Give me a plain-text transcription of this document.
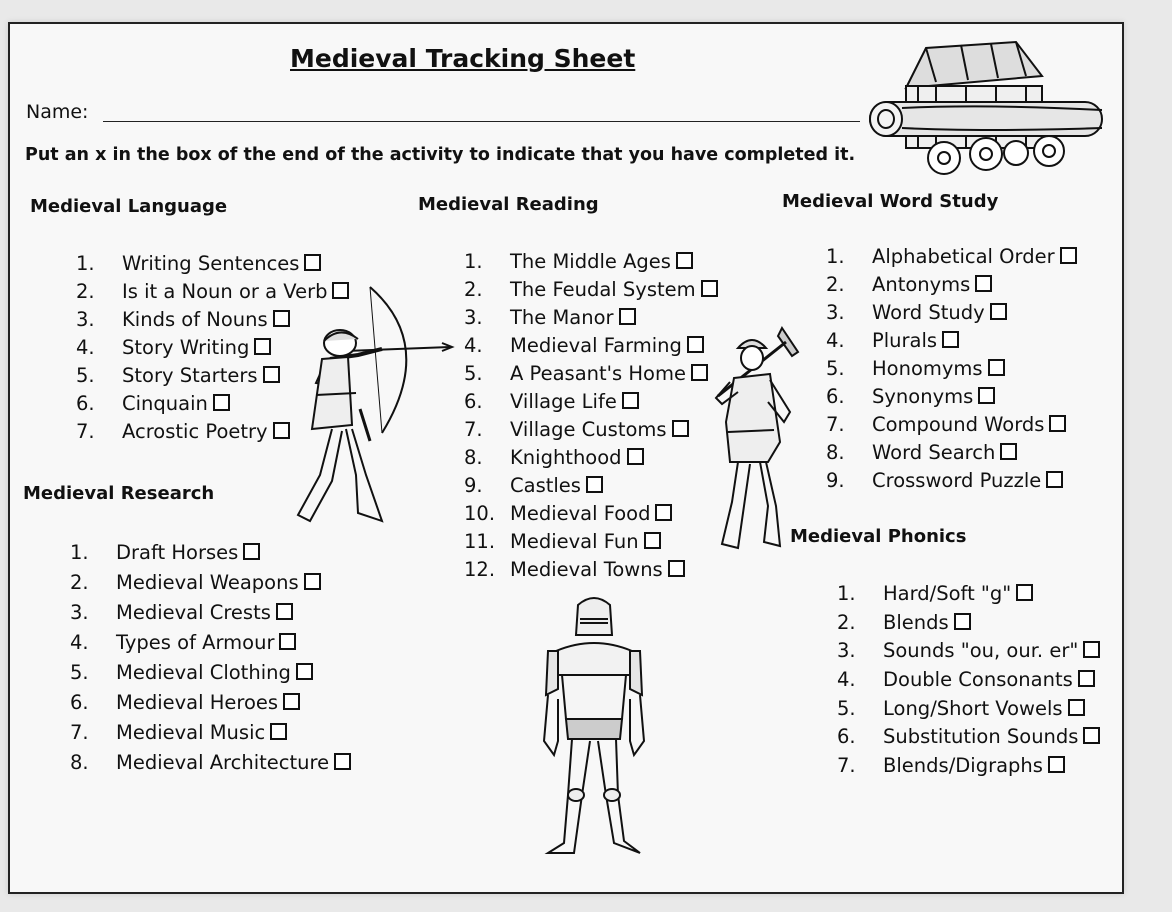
Medieval Tracking Sheet
Name:
Put an x in the box of the end of the activity to indicate that you have completed it.
Medieval Language	Medieval Reading	Medieval Word Study
Medieval Research
Medieval Phonics
1.	Writing Sentences
2.	Is it a Noun or a Verb
3.	Kinds of Nouns
4.	Story Writing
5.	Story Starters
6.	Cinquain
7.	Acrostic Poetry
1.	Draft Horses
2.	Medieval Weapons
3.	Medieval Crests
4.	Types of Armour
5.	Medieval Clothing
6.	Medieval Heroes
7.	Medieval Music
8.	Medieval Architecture
1.	The Middle Ages
2.	The Feudal System
3.	The Manor
4.	Medieval Farming
5.	A Peasant's Home
6.	Village Life
7.	Village Customs
8.	Knighthood
9.	Castles
10. Medieval Food
11. Medieval Fun
12. Medieval Towns
1.	Alphabetical Order
2.	Antonyms
3.	Word Study
4.	Plurals
5.	Honomyms
6.	Synonyms
7.	Compound Words
8.	Word Search
9.	Crossword Puzzle
1.	Hard/Soft "g"
2.	Blends
3.	Sounds "ou, our. er"
4.	Double Consonants
5.	Long/Short Vowels
6.	Substitution Sounds
7.	Blends/Digraphs
